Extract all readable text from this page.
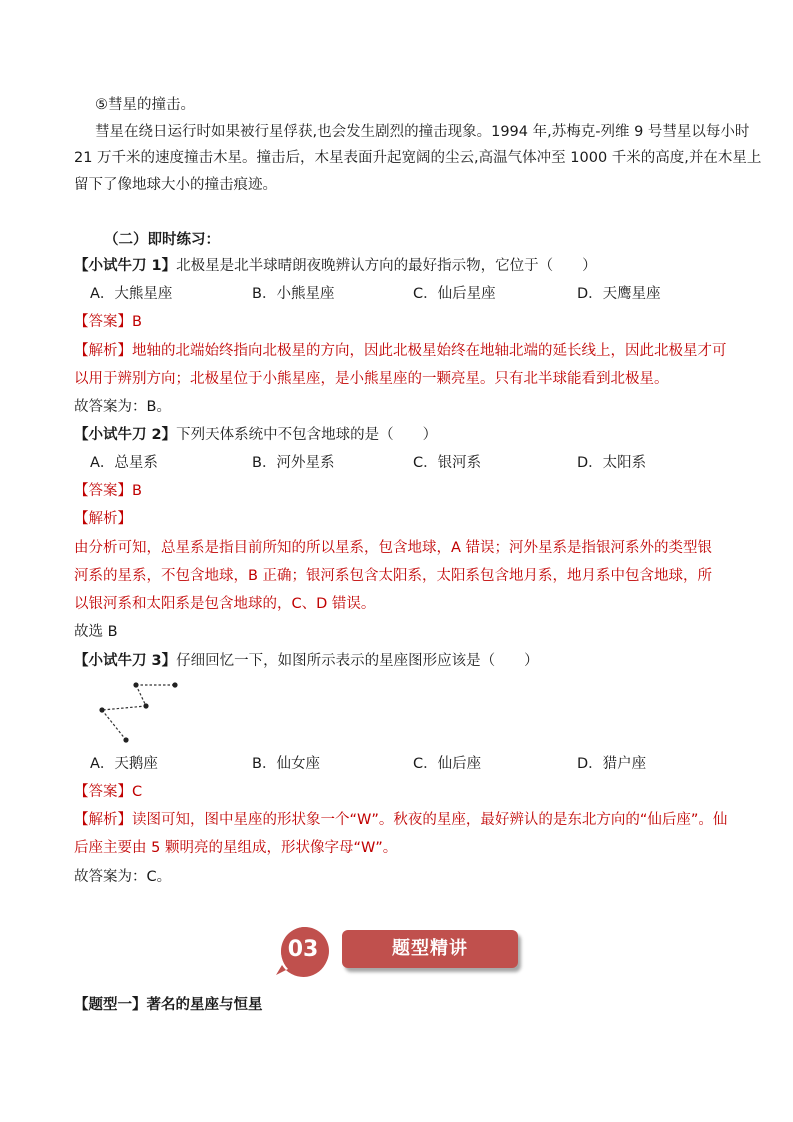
⑤彗星的撞击。
彗星在绕日运行时如果被行星俘获,也会发生剧烈的撞击现象。1994 年,苏梅克-列维 9 号彗星以每小时
21 万千米的速度撞击木星。撞击后，木星表面升起宽阔的尘云,高温气体冲至 1000 千米的高度,并在木星上
留下了像地球大小的撞击痕迹。
（二）即时练习：
【小试牛刀 1】北极星是北半球晴朗夜晚辨认方向的最好指示物，它位于（　　）
A．大熊星座	B．小熊星座	C．仙后星座	D．天鹰星座
【答案】B
【解析】地轴的北端始终指向北极星的方向，因此北极星始终在地轴北端的延长线上，因此北极星才可
以用于辨别方向；北极星位于小熊星座，是小熊星座的一颗亮星。只有北半球能看到北极星。
故答案为：B。
【小试牛刀 2】下列天体系统中不包含地球的是（　　）
A．总星系	B．河外星系	C．银河系	D．太阳系
【答案】B
【解析】
由分析可知，总星系是指目前所知的所以星系，包含地球，A 错误；河外星系是指银河系外的类型银
河系的星系，不包含地球，B 正确；银河系包含太阳系，太阳系包含地月系，地月系中包含地球，所
以银河系和太阳系是包含地球的，C、D 错误。
故选 B
【小试牛刀 3】仔细回忆一下，如图所示表示的星座图形应该是（　　）
A．天鹅座	B．仙女座	C．仙后座	D．猎户座
【答案】C
【解析】读图可知，图中星座的形状象一个“W”。秋夜的星座，最好辨认的是东北方向的“仙后座”。仙
后座主要由 5 颗明亮的星组成，形状像字母“W”。
故答案为：C。
题型精讲
03
【题型一】著名的星座与恒星
